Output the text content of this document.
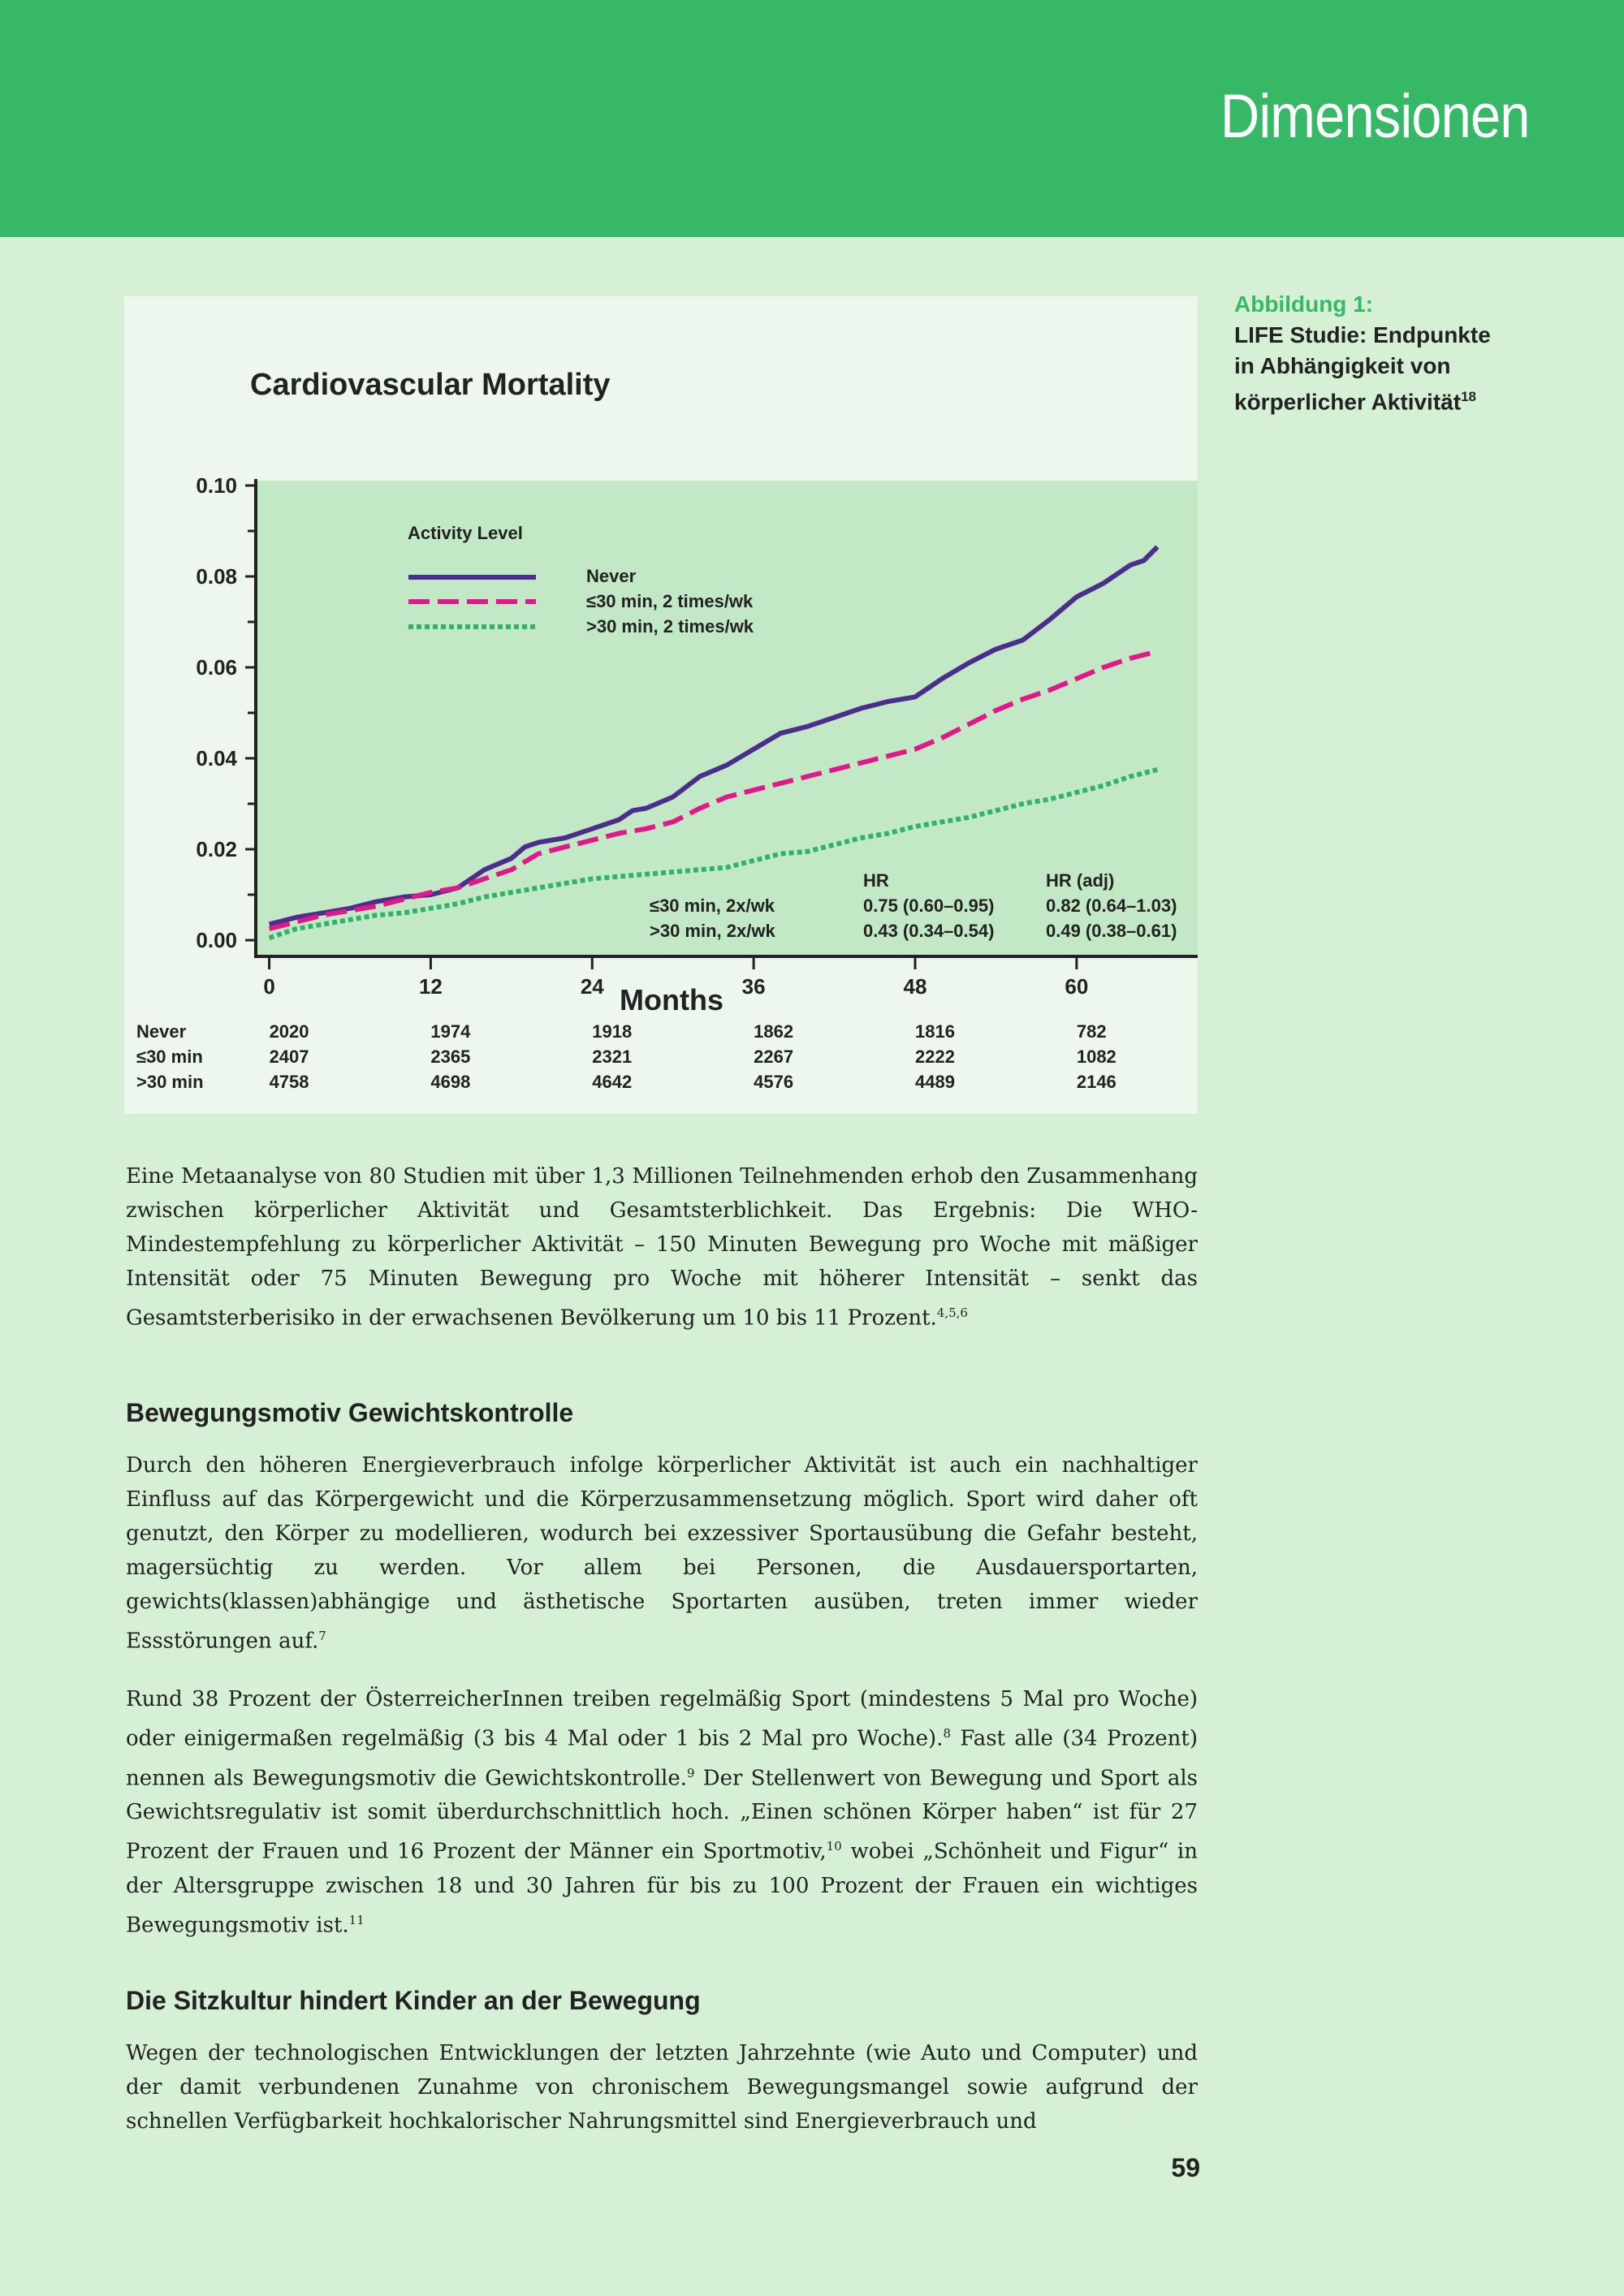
Dimensionen
Cardiovascular Mortality
0.00
0.02
0.04
0.06
0.08
0.10
0	12	24	36	48	60
Months
Activity Level
Never
≤30 min, 2 times/wk
>30 min, 2 times/wk
HR	HR (adj)
≤30 min, 2x/wk	0.75 (0.60–0.95)	0.82 (0.64–1.03)
>30 min, 2x/wk	0.43 (0.34–0.54)	0.49 (0.38–0.61)
Never	2020	1974	1918	1862	1816	782
≤30 min	2407	2365	2321	2267	2222	1082
>30 min	4758	4698	4642	4576	4489	2146
Abbildung 1:
LIFE Studie: Endpunkte in Abhängigkeit von körperlicher Aktivität$^{18}$

Eine Metaanalyse von 80 Studien mit über 1,3 Millionen Teilnehmenden erhob den Zusammenhang zwischen körperlicher Aktivität und Gesamtsterblichkeit. Das Ergebnis: Die WHO-Mindestempfehlung zu körperlicher Aktivität – 150 Minuten Bewegung pro Woche mit mäßiger Intensität oder 75 Minuten Bewegung pro Woche mit höherer Intensität – senkt das Gesamtsterberisiko in der erwachsenen Bevölkerung um 10 bis 11 Prozent.$^{4,5,6}$

Bewegungsmotiv Gewichtskontrolle

Durch den höheren Energieverbrauch infolge körperlicher Aktivität ist auch ein nachhaltiger Einfluss auf das Körpergewicht und die Körperzusammensetzung möglich. Sport wird daher oft genutzt, den Körper zu modellieren, wodurch bei exzessiver Sportausübung die Gefahr besteht, magersüchtig zu werden. Vor allem bei Personen, die Ausdauersportarten, gewichts(klassen)abhängige und ästhetische Sportarten ausüben, treten immer wieder Essstörungen auf.$^7$

Rund 38 Prozent der ÖsterreicherInnen treiben regelmäßig Sport (mindestens 5 Mal pro Woche) oder einigermaßen regelmäßig (3 bis 4 Mal oder 1 bis 2 Mal pro Woche).$^8$ Fast alle (34 Prozent) nennen als Bewegungsmotiv die Gewichtskontrolle.$^9$ Der Stellenwert von Bewegung und Sport als Gewichtsregulativ ist somit überdurchschnittlich hoch. „Einen schönen Körper haben“ ist für 27 Prozent der Frauen und 16 Prozent der Männer ein Sportmotiv,$^{10}$ wobei „Schönheit und Figur“ in der Altersgruppe zwischen 18 und 30 Jahren für bis zu 100 Prozent der Frauen ein wichtiges Bewegungsmotiv ist.$^{11}$

Die Sitzkultur hindert Kinder an der Bewegung

Wegen der technologischen Entwicklungen der letzten Jahrzehnte (wie Auto und Computer) und der damit verbundenen Zunahme von chronischem Bewegungsmangel sowie aufgrund der schnellen Verfügbarkeit hochkalorischer Nahrungsmittel sind Energieverbrauch und

59
